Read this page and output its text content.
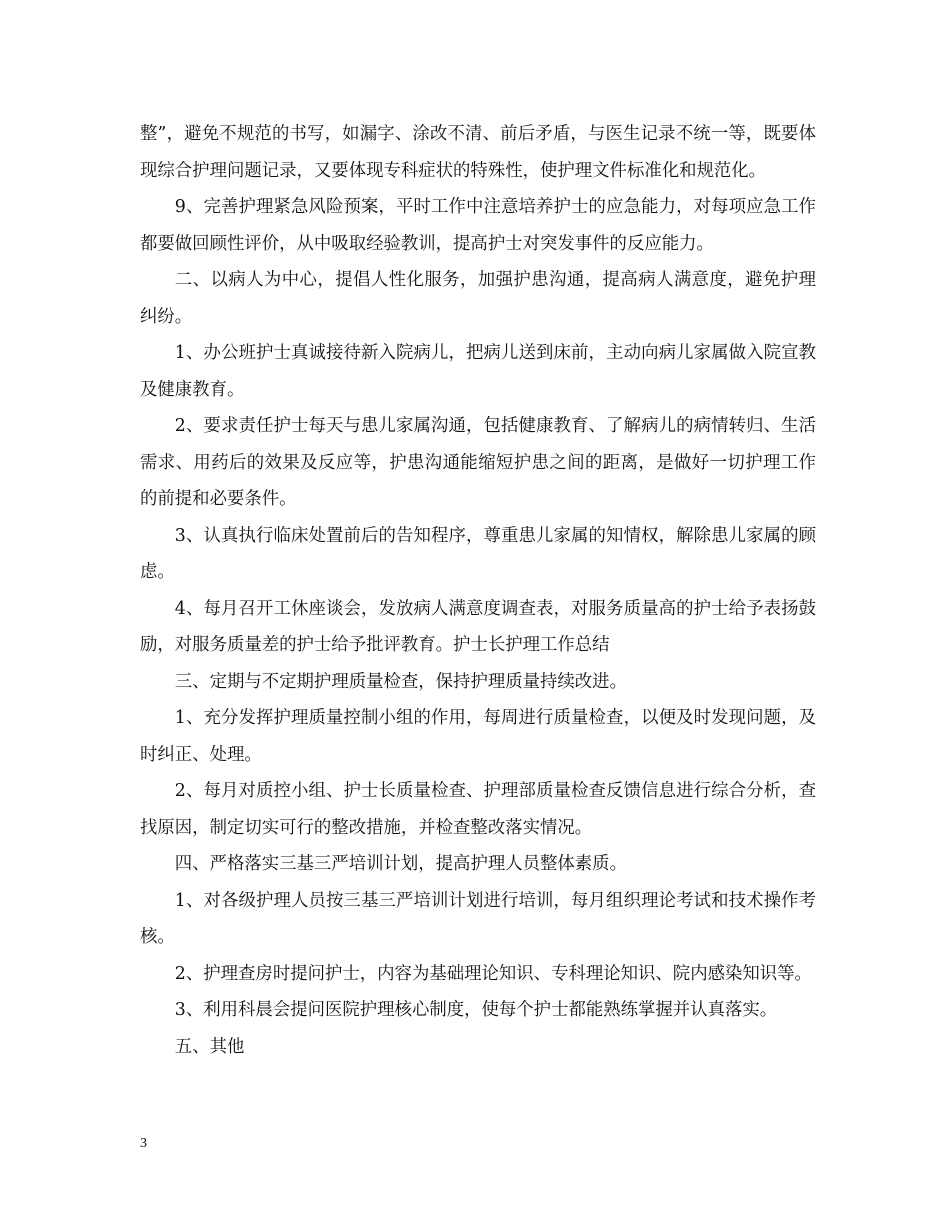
整”，避免不规范的书写，如漏字、涂改不清、前后矛盾，与医生记录不统一等，既要体现综合护理问题记录，又要体现专科症状的特殊性，使护理文件标准化和规范化。

9、完善护理紧急风险预案，平时工作中注意培养护士的应急能力，对每项应急工作都要做回顾性评价，从中吸取经验教训，提高护士对突发事件的反应能力。

二、以病人为中心，提倡人性化服务，加强护患沟通，提高病人满意度，避免护理纠纷。

1、办公班护士真诚接待新入院病儿，把病儿送到床前，主动向病儿家属做入院宣教及健康教育。

2、要求责任护士每天与患儿家属沟通，包括健康教育、了解病儿的病情转归、生活需求、用药后的效果及反应等，护患沟通能缩短护患之间的距离，是做好一切护理工作的前提和必要条件。

3、认真执行临床处置前后的告知程序，尊重患儿家属的知情权，解除患儿家属的顾虑。

4、每月召开工休座谈会，发放病人满意度调查表，对服务质量高的护士给予表扬鼓励，对服务质量差的护士给予批评教育。护士长护理工作总结

三、定期与不定期护理质量检查，保持护理质量持续改进。

1、充分发挥护理质量控制小组的作用，每周进行质量检查，以便及时发现问题，及时纠正、处理。

2、每月对质控小组、护士长质量检查、护理部质量检查反馈信息进行综合分析，查找原因，制定切实可行的整改措施，并检查整改落实情况。

四、严格落实三基三严培训计划，提高护理人员整体素质。

1、对各级护理人员按三基三严培训计划进行培训，每月组织理论考试和技术操作考核。

2、护理查房时提问护士，内容为基础理论知识、专科理论知识、院内感染知识等。

3、利用科晨会提问医院护理核心制度，使每个护士都能熟练掌握并认真落实。

五、其他

3
